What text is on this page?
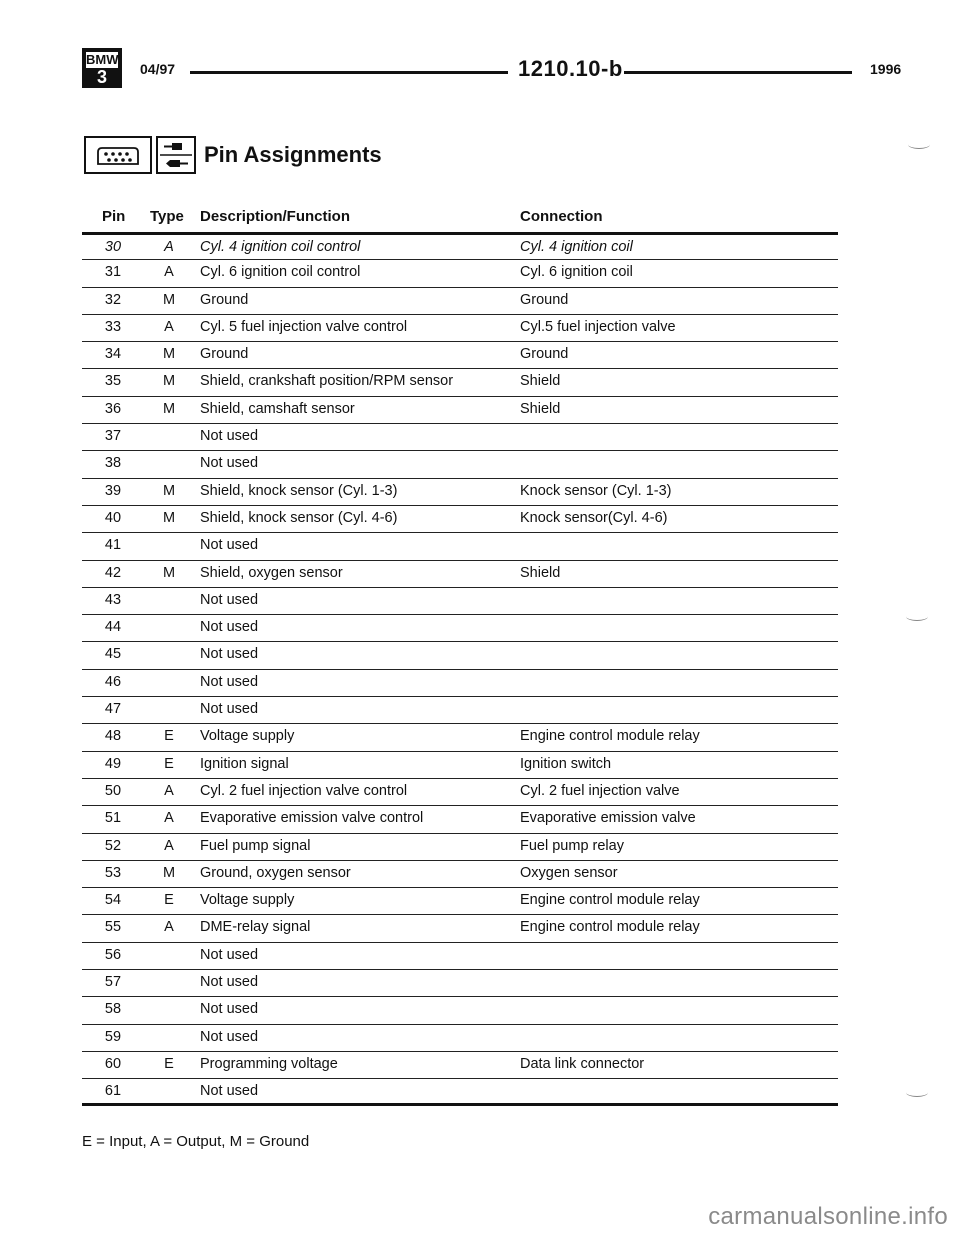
BMW
3	04/97	1210.10-b	1996
Pin Assignments
Pin Type Description/Function	Connection
30	A	Cyl. 4 ignition coil control	Cyl. 4 ignition coil
31	A	Cyl. 6 ignition coil control	Cyl. 6 ignition coil
32	M	Ground	Ground
33	A	Cyl. 5 fuel injection valve control	Cyl.5 fuel injection valve
34	M	Ground	Ground
35	M	Shield, crankshaft position/RPM sensor	Shield
36	M	Shield, camshaft sensor	Shield
37	Not used
38	Not used
39	M	Shield, knock sensor (Cyl. 1-3)	Knock sensor (Cyl. 1-3)
40	M	Shield, knock sensor (Cyl. 4-6)	Knock sensor(Cyl. 4-6)
41	Not used
42	M	Shield, oxygen sensor	Shield
43	Not used
44	Not used
45	Not used
46	Not used
47	Not used
48	E	Voltage supply	Engine control module relay
49	E	Ignition signal	Ignition switch
50	A	Cyl. 2 fuel injection valve control	Cyl. 2 fuel injection valve
51	A	Evaporative emission valve control	Evaporative emission valve
52	A	Fuel pump signal	Fuel pump relay
53	M	Ground, oxygen sensor	Oxygen sensor
54	E	Voltage supply	Engine control module relay
55	A	DME-relay signal	Engine control module relay
56	Not used
57	Not used
58	Not used
59	Not used
60	E	Programming voltage	Data link connector
61	Not used
E = Input, A = Output, M = Ground
carmanualsonline.info
